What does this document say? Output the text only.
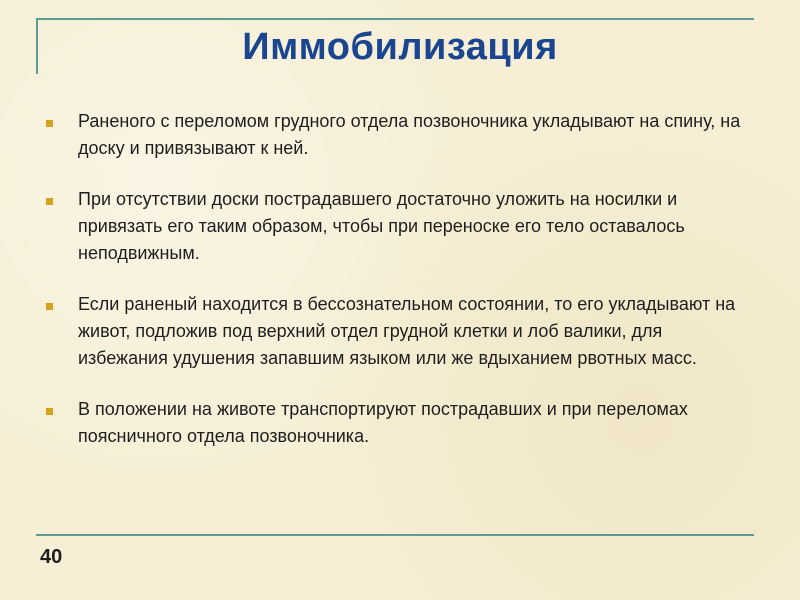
Иммобилизация
Раненого с переломом грудного отдела позвоночника укладывают на спину, на доску и привязывают к ней.
При отсутствии доски пострадавшего достаточно уложить на носилки и привязать его таким образом, чтобы при переноске его тело оставалось неподвижным.
Если раненый находится в бессознательном состоянии, то его укладывают на живот, подложив под верхний отдел грудной клетки и лоб валики, для избежания удушения запавшим языком или же вдыханием рвотных масс.
В положении на животе транспортируют пострадавших и при переломах поясничного отдела позвоночника.
40
